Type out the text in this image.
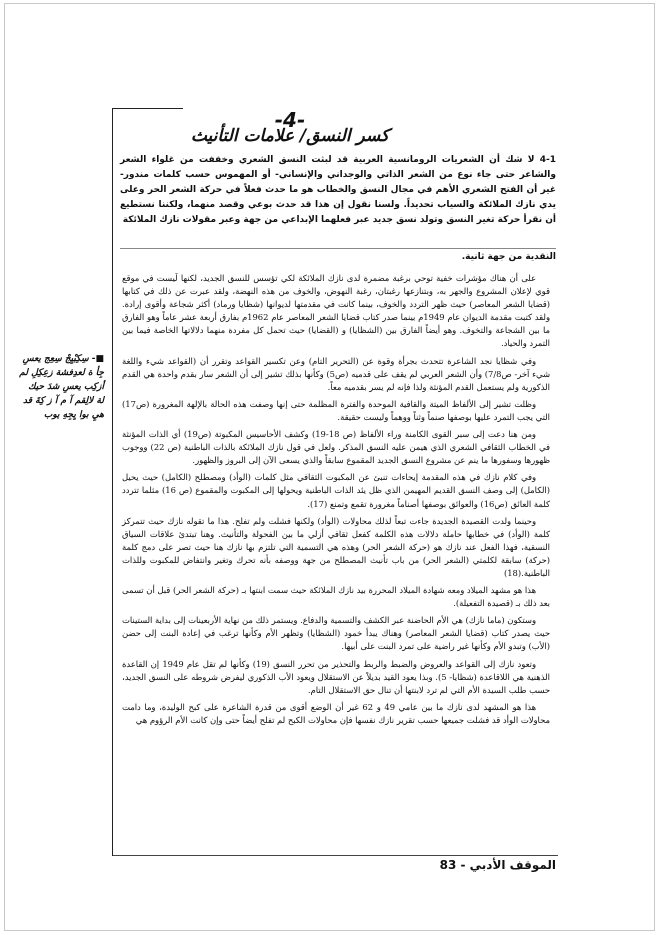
-4-
كسر النسق/ علامات التأنيث
4-1 لا شك أن الشعريات الرومانسية العربية قد لبثت النسق الشعري وخففت من غلواء الشعر والشاعر حتى جاء نوع من الشعر الذاتي والوجداني والإنساني- أو المهموس حسب كلمات مندور- غير أن الفتح الشعري الأهم في مجال النسق والخطاب هو ما حدث فعلاً في حركة الشعر الحر وعلى يدي نازك الملائكة والسياب تحديداً. ولسنا نقول إن هذا قد حدث بوعي وقصد منهما، ولكننا نستطيع أن نقرأ حركة تغير النسق وتولد نسق جديد عبر فعلهما الإبداعي من جهة وعبر مقولات نازك الملائكة
النقدية من جهة ثانية.

على أن هناك مؤشرات خفية توحي برغبة مضمرة لدى نازك الملائكة لكي تؤسس للنسق الجديد، لكنها لَيست في موقع قوي لإعلان المشروع والجهر به، وبتنازعها رغبتان، رغبة النهوض، والخوف من هذه النهضة، ولقد عبرت عن ذلك في كتابها (قضايا الشعر المعاصر) حيث ظهر التردد والخوف، بينما كانت في مقدمتها لديوانها (شظايا ورماد) أكثر شجاعة وأقوى إرادة. ولقد كتبت مقدمة الديوان عام 1949م بينما صدر كتاب قضايا الشعر المعاصر عام 1962م بفارق أربعة عشر عاماً وهو الفارق ما بين الشجاعة والتخوف. وهو أيضاً الفارق بين (الشظايا) و (القضايا) حيث تحمل كل مفردة منهما دلالاتها الخاصة فيما بين التمرد والحياد.

وفي شظايا نجد الشاعرة تتحدث بجرأة وقوة عن (التحرير التام) وعن تكسير القواعد وتقرر أن (القواعد شيء واللغة شيء آخر- ص7/8) وأن الشعر العربي لم يقف على قدميه (ص5) وكأنها بذلك تشير إلى أن الشعر سار بقدم واحدة هي القدم الذكورية ولم يستعمل القدم المؤنثة ولذا فإنه لم يسر بقدميه معاً.

وظلت تشير إلى الألفاظ الميتة والقافية الموحدة والفترة المظلمة حتى إنها وصفت هذه الحالة بالإلهة المغرورة (ص17) التي يجب التمرد عليها بوصفها صنماً وثناً ووهماً وليست حقيقة.

ومن هنا دعت إلى سبر القوى الكامنة وراء الألفاظ (ص 18-19) وكشف الأحاسيس المكبوتة (ص19) أي الذات المؤنثة في الخطاب الثقافي الشعري الذي هيمن عليه النسق المذكر. ولعل في قول نازك الملائكة بالذات الباطنية (ص 22) ووجوب ظهورها وسفورها ما ينم عن مشروع النسق الجديد المقموع سابقاً والذي يسعى الآن إلى البروز والظهور.

وفي كلام نازك في هذه المقدمة إيحاءات تنبئ عن المكبوت الثقافي مثل كلمات (الوأد) ومصطلح (الكامل) حيث يحيل (الكامل) إلى وصف النسق القديم المهيمن الذي ظل يئد الذات الباطنية ويحولها إلى المكبوت والمقموع (ص 16) مثلما تتردد كلمة العائق (ص16) والعوائق بوصفها أصناماً مغرورة تقمع وتمنع (17).

وحينما ولدت القصيدة الجديدة جاءت تبعاً لذلك محاولات (الوأد) ولكنها فشلت ولم تفلح. هذا ما تقوله نازك حيث تتمركز كلمة (الوأد) في خطابها حاملة دلالات هذه الكلمة كفعل ثقافي أزلي ما بين الفحولة والتأنيث. وهنا تبتدئ علاقات السياق النسقية، فهذا الفعل عند نازك هو (حركة الشعر الحر) وهذه هي التسمية التي تلتزم بها نازك هنا حيث تصر على دمج كلمة (حركة) سابقة لكلمتي (الشعر الحر) من باب تأنيث المصطلح من جهة ووصفه بأنه تحرك وتغير وانتفاض للمكبوت وللذات الباطنية.(18)

هذا هو مشهد الميلاد ومعه شهادة الميلاد المحررة بيد نازك الملائكة حيث سمت ابنتها بـ (حركة الشعر الحر) قبل أن تسمى بعد ذلك بـ (قصيدة التفعيلة).

وستكون (ماما نازك) هي الأم الحاضنة عبر الكشف والتسمية والدفاع. ويستمر ذلك من نهاية الأربعينات إلى بداية الستينات حيث يصدر كتاب (قضايا الشعر المعاصر) وهناك يبدأ خمود (الشظايا) وتظهر الأم وكأنها ترغب في إعادة البنت إلى حضن (الأب) وتبدو الأم وكأنها غير راضية على تمرد البنت على أبيها.

وتعود نازك إلى القواعد والعروض والضبط والربط والتحذير من تحرر النسق (19) وكأنها لم تقل عام 1949 إن القاعدة الذهنية هي اللاقاعدة (شظايا- 5). وبذا يعود القيد بديلاً عن الاستقلال ويعود الأب الذكوري ليفرض شروطه على النسق الجديد، حسب طلب السيدة الأم التي لم ترد لابنتها أن تنال حق الاستقلال التام.

هذا هو المشهد لدى نازك ما بين عامي 49 و 62 غير أن الوضع أقوى من قدرة الشاعرة على كبح الوليدة، وما دامت محاولات الوأد قد فشلت جميعها حسب تقرير نازك نفسها فإن محاولات الكبح لم تفلح أيضاً حتى وإن كانت الأم الرؤوم هي

■- سِكِبْيِجْ سِعِج يعسِ جِأ ة لعدِفشة زعِكِلِ لم أزكِب يعسِ شدَ حيك لة لالِقم آ م آ ز كِةَ قد هيِ بوا يِجِهِ يوب
الموقف الأدبي - 83
